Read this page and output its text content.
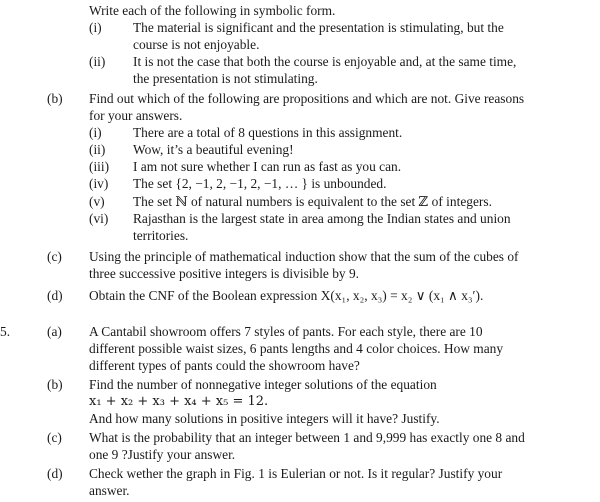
Write each of the following in symbolic form.
(i) The material is significant and the presentation is stimulating, but the
course is not enjoyable.
(ii) It is not the case that both the course is enjoyable and, at the same time,
the presentation is not stimulating.
(b) Find out which of the following are propositions and which are not. Give reasons
for your answers.
(i) There are a total of 8 questions in this assignment.
(ii) Wow, it’s a beautiful evening!
(iii) I am not sure whether I can run as fast as you can.
(iv) The set {2, −1, 2, −1, 2, −1, … } is unbounded.
(v) The set ℕ of natural numbers is equivalent to the set ℤ of integers.
(vi) Rajasthan is the largest state in area among the Indian states and union
territories.
(c) Using the principle of mathematical induction show that the sum of the cubes of
three successive positive integers is divisible by 9.
(d) Obtain the CNF of the Boolean expression X(x₁, x₂, x₃) = x₂ ∨ (x₁ ∧ x₃′).
5.	(a) A Cantabil showroom offers 7 styles of pants. For each style, there are 10
different possible waist sizes, 6 pants lengths and 4 color choices. How many
different types of pants could the showroom have?
(b) Find the number of nonnegative integer solutions of the equation
x₁ + x₂ + x₃ + x₄ + x₅ = 12.
And how many solutions in positive integers will it have? Justify.
(c) What is the probability that an integer between 1 and 9,999 has exactly one 8 and
one 9 ?Justify your answer.
(d) Check wether the graph in Fig. 1 is Eulerian or not. Is it regular? Justify your
answer.
